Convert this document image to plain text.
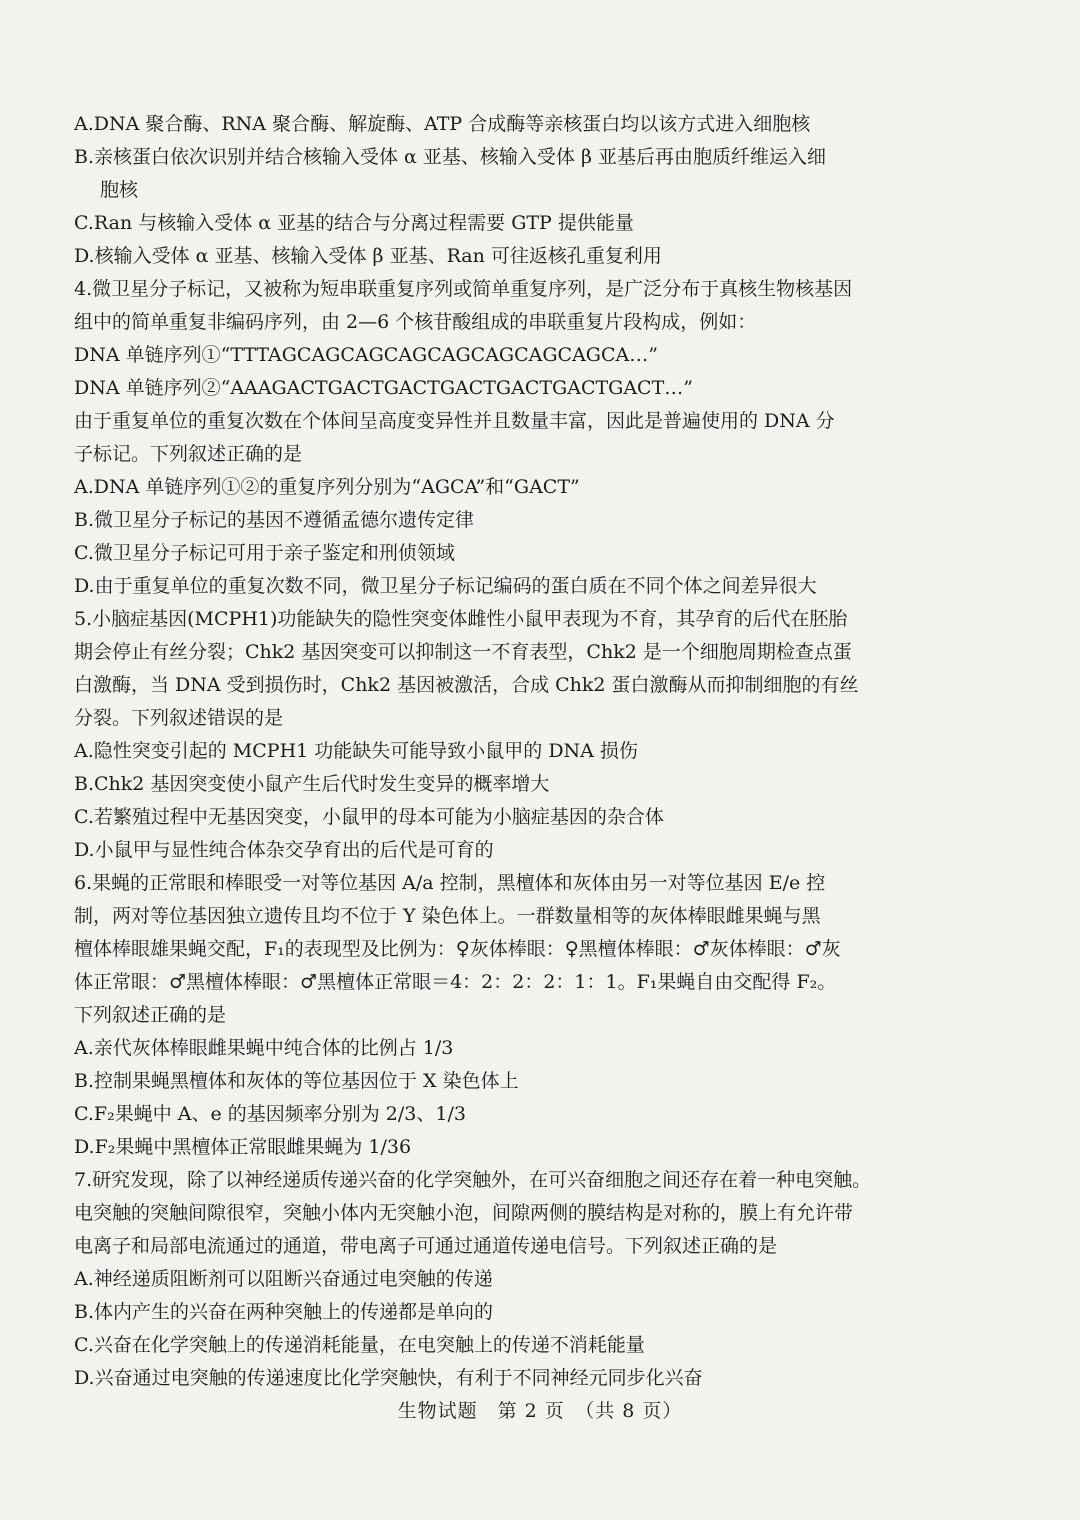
A.DNA 聚合酶、RNA 聚合酶、解旋酶、ATP 合成酶等亲核蛋白均以该方式进入细胞核
B.亲核蛋白依次识别并结合核输入受体 α 亚基、核输入受体 β 亚基后再由胞质纤维运入细
胞核
C.Ran 与核输入受体 α 亚基的结合与分离过程需要 GTP 提供能量
D.核输入受体 α 亚基、核输入受体 β 亚基、Ran 可往返核孔重复利用
4.微卫星分子标记，又被称为短串联重复序列或简单重复序列，是广泛分布于真核生物核基因
组中的简单重复非编码序列，由 2—6 个核苷酸组成的串联重复片段构成，例如：
DNA 单链序列①“TTTAGCAGCAGCAGCAGCAGCAGCAGCA…”
DNA 单链序列②“AAAGACTGACTGACTGACTGACTGACTGACT…”
由于重复单位的重复次数在个体间呈高度变异性并且数量丰富，因此是普遍使用的 DNA 分
子标记。下列叙述正确的是
A.DNA 单链序列①②的重复序列分别为“AGCA”和“GACT”
B.微卫星分子标记的基因不遵循孟德尔遗传定律
C.微卫星分子标记可用于亲子鉴定和刑侦领域
D.由于重复单位的重复次数不同，微卫星分子标记编码的蛋白质在不同个体之间差异很大
5.小脑症基因(MCPH1)功能缺失的隐性突变体雌性小鼠甲表现为不育，其孕育的后代在胚胎
期会停止有丝分裂；Chk2 基因突变可以抑制这一不育表型，Chk2 是一个细胞周期检查点蛋
白激酶，当 DNA 受到损伤时，Chk2 基因被激活，合成 Chk2 蛋白激酶从而抑制细胞的有丝
分裂。下列叙述错误的是
A.隐性突变引起的 MCPH1 功能缺失可能导致小鼠甲的 DNA 损伤
B.Chk2 基因突变使小鼠产生后代时发生变异的概率增大
C.若繁殖过程中无基因突变，小鼠甲的母本可能为小脑症基因的杂合体
D.小鼠甲与显性纯合体杂交孕育出的后代是可育的
6.果蝇的正常眼和棒眼受一对等位基因 A/a 控制，黑檀体和灰体由另一对等位基因 E/e 控
制，两对等位基因独立遗传且均不位于 Y 染色体上。一群数量相等的灰体棒眼雌果蝇与黑
檀体棒眼雄果蝇交配，F₁的表现型及比例为：♀灰体棒眼：♀黑檀体棒眼：♂灰体棒眼：♂灰
体正常眼：♂黑檀体棒眼：♂黑檀体正常眼＝4：2：2：2：1：1。F₁果蝇自由交配得 F₂。
下列叙述正确的是
A.亲代灰体棒眼雌果蝇中纯合体的比例占 1/3
B.控制果蝇黑檀体和灰体的等位基因位于 X 染色体上
C.F₂果蝇中 A、e 的基因频率分别为 2/3、1/3
D.F₂果蝇中黑檀体正常眼雌果蝇为 1/36
7.研究发现，除了以神经递质传递兴奋的化学突触外，在可兴奋细胞之间还存在着一种电突触。
电突触的突触间隙很窄，突触小体内无突触小泡，间隙两侧的膜结构是对称的，膜上有允许带
电离子和局部电流通过的通道，带电离子可通过通道传递电信号。下列叙述正确的是
A.神经递质阻断剂可以阻断兴奋通过电突触的传递
B.体内产生的兴奋在两种突触上的传递都是单向的
C.兴奋在化学突触上的传递消耗能量，在电突触上的传递不消耗能量
D.兴奋通过电突触的传递速度比化学突触快，有利于不同神经元同步化兴奋
生物试题　第 2 页　（共 8 页）
